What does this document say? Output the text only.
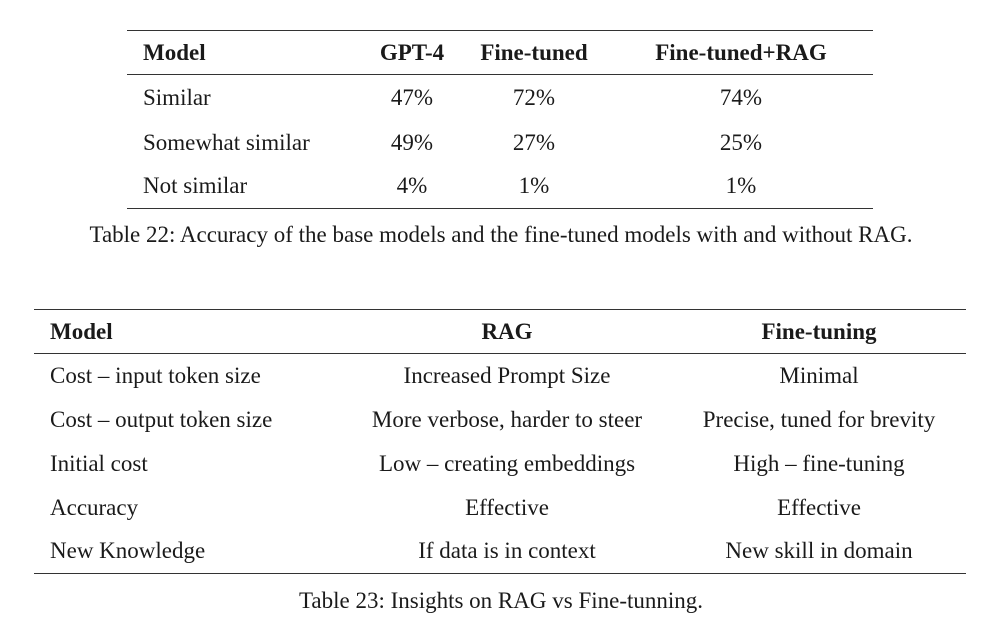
Model	GPT-4	Fine-tuned	Fine-tuned+RAG
Similar	47%	72%	74%
Somewhat similar	49%	27%	25%
Not similar	4%	1%	1%
Table 22: Accuracy of the base models and the fine-tuned models with and without RAG.
Model	RAG	Fine-tuning
Cost – input token size	Increased Prompt Size	Minimal
Cost – output token size	More verbose, harder to steer	Precise, tuned for brevity
Initial cost	Low – creating embeddings	High – fine-tuning
Accuracy	Effective	Effective
New Knowledge	If data is in context	New skill in domain
Table 23: Insights on RAG vs Fine-tunning.
